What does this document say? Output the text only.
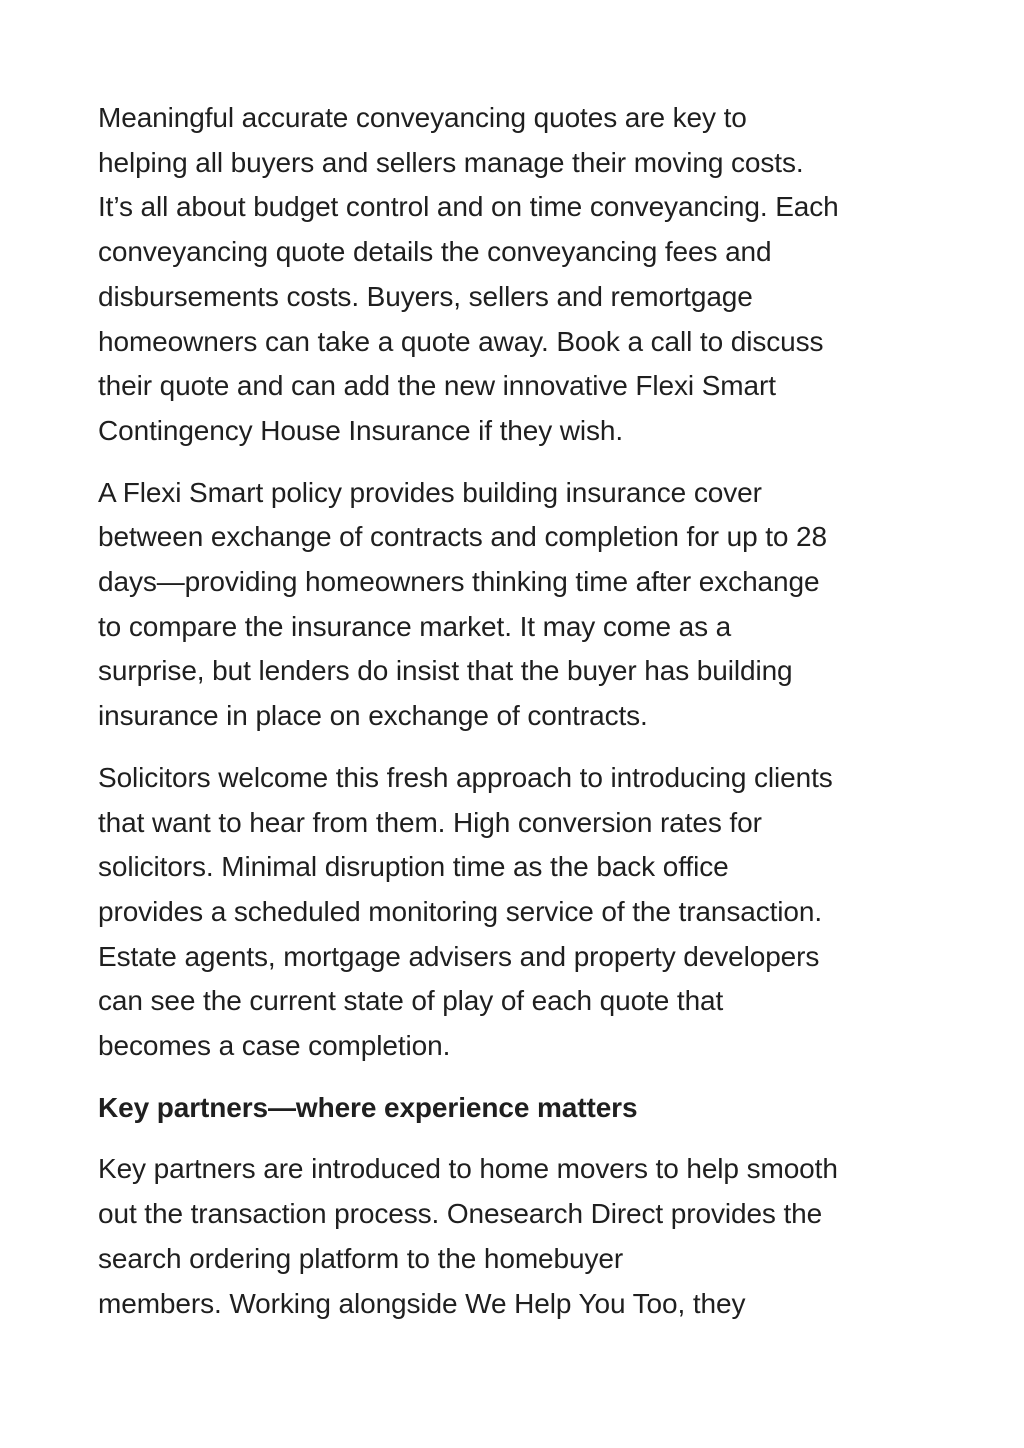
Meaningful accurate conveyancing quotes are key to
helping all buyers and sellers manage their moving costs.
It’s all about budget control and on time conveyancing. Each
conveyancing quote details the conveyancing fees and
disbursements costs. Buyers, sellers and remortgage
homeowners can take a quote away. Book a call to discuss
their quote and can add the new innovative Flexi Smart
Contingency House Insurance if they wish.

A Flexi Smart policy provides building insurance cover
between exchange of contracts and completion for up to 28
days—providing homeowners thinking time after exchange
to compare the insurance market. It may come as a
surprise, but lenders do insist that the buyer has building
insurance in place on exchange of contracts.

Solicitors welcome this fresh approach to introducing clients
that want to hear from them. High conversion rates for
solicitors. Minimal disruption time as the back office
provides a scheduled monitoring service of the transaction.
Estate agents, mortgage advisers and property developers
can see the current state of play of each quote that
becomes a case completion.

Key partners—where experience matters

Key partners are introduced to home movers to help smooth
out the transaction process. Onesearch Direct provides the
search ordering platform to the homebuyer
members. Working alongside We Help You Too, they
